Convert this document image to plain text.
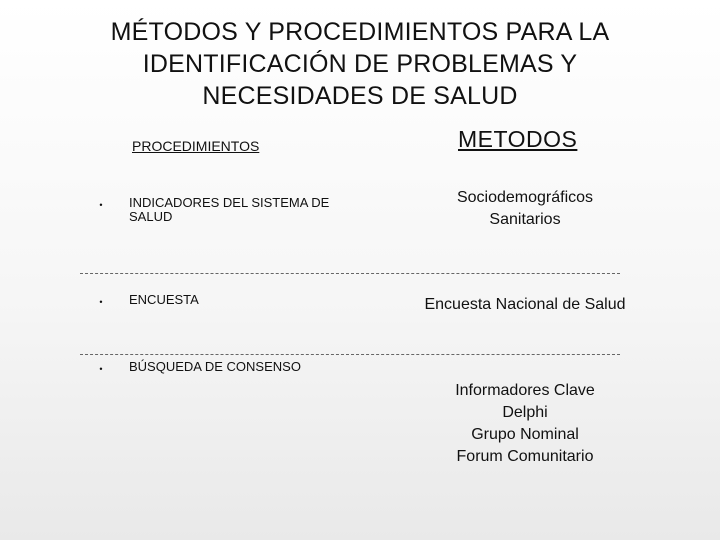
MÉTODOS Y PROCEDIMIENTOS PARA LA
IDENTIFICACIÓN DE PROBLEMAS Y
NECESIDADES DE SALUD
PROCEDIMIENTOS	METODOS
• INDICADORES DEL SISTEMA DE SALUD
Sociodemográficos
Sanitarios
• ENCUESTA	Encuesta Nacional de Salud
• BÚSQUEDA DE CONSENSO
Informadores Clave
Delphi
Grupo Nominal
Forum Comunitario
